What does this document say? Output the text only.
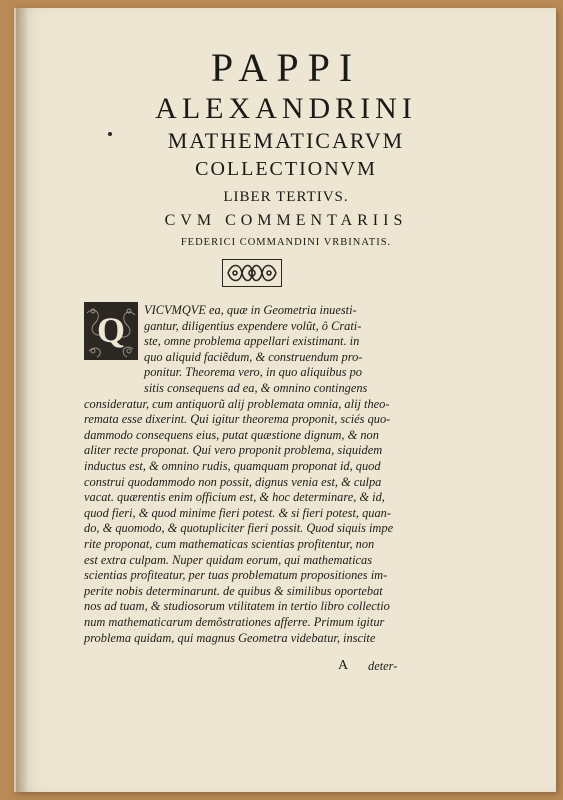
PAPPI
ALEXANDRINI
MATHEMATICARVM
COLLECTIONVM
LIBER TERTIVS.
CVM COMMENTARIIS
FEDERICI COMMANDINI VRBINATIS.
Q	VICVMQVE ea, quæ in Geometria inuesti-
gantur, diligentius expendere volũt, ô Crati-
ste, omne problema appellari existimant. in
quo aliquid faciẽdum, & construendum pro-
ponitur. Theorema vero, in quo aliquibus po
sitis consequens ad ea, & omnino contingens
consideratur, cum antiquorũ alij problemata omnia, alij theo-
remata esse dixerint. Qui igitur theorema proponit, sciés quo-
dammodo consequens eius, putat quæstione dignum, & non
aliter recte proponat. Qui vero proponit problema, siquidem
inductus est, & omnino rudis, quamquam proponat id, quod
construi quodammodo non possit, dignus venia est, & culpa
vacat. quærentis enim officium est, & hoc determinare, & id,
quod fieri, & quod minime fieri potest. & si fieri potest, quan-
do, & quomodo, & quotupliciter fieri possit. Quod siquis impe
rite proponat, cum mathematicas scientias profitentur, non
est extra culpam. Nuper quidam eorum, qui mathematicas
scientias profiteatur, per tuas problematum propositiones im-
perite nobis determinarunt. de quibus & similibus oportebat
nos ad tuam, & studiosorum vtilitatem in tertio libro collectio
num mathematicarum demõstrationes afferre. Primum igitur
problema quidam, qui magnus Geometra videbatur, inscite
A deter-
